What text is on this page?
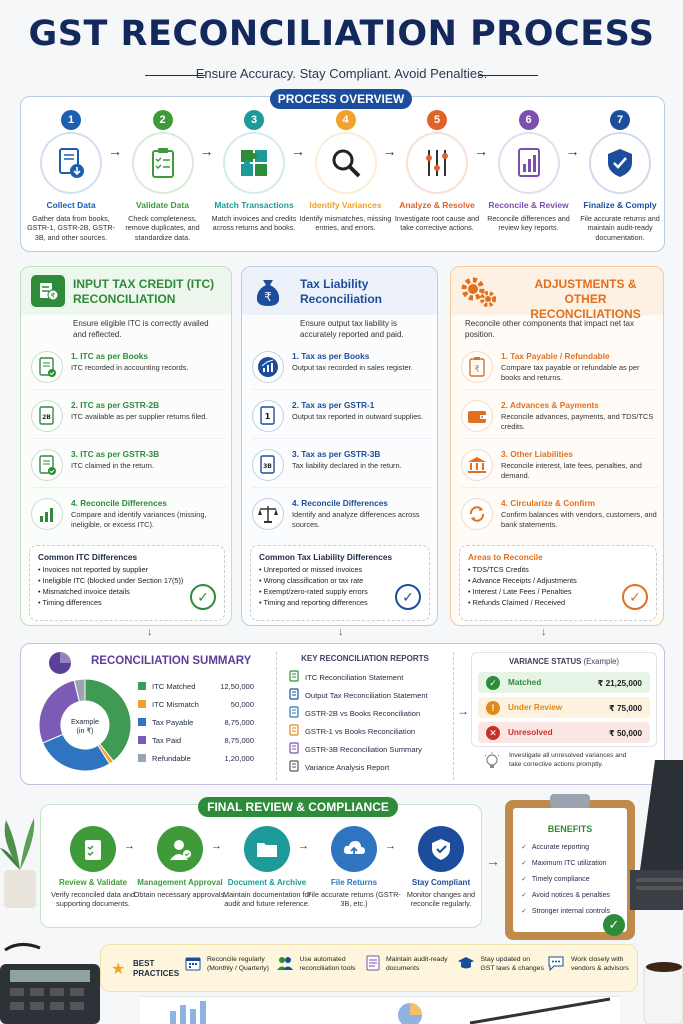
GST RECONCILIATION PROCESS
Ensure Accuracy. Stay Compliant. Avoid Penalties.
PROCESS OVERVIEW
1
Collect Data
Gather data from books, GSTR-1, GSTR-2B, GSTR-3B, and other sources.
→
2
Validate Data
Check completeness, remove duplicates, and standardize data.
→
3
Match Transactions
Match invoices and credits across returns and books.
→
4
Identify Variances
Identify mismatches, missing entries, and errors.
→
5
Analyze & Resolve
Investigate root cause and take corrective actions.
→
6
Reconcile & Review
Reconcile differences and review key reports.
→
7
Finalize & Comply
File accurate returns and maintain audit-ready documentation.
₹
INPUT TAX CREDIT (ITC) RECONCILIATION
Ensure eligible ITC is correctly availed and reflected.
1. ITC as per Books
ITC recorded in accounting records.
2B
2. ITC as per GSTR-2B
ITC available as per supplier returns filed.
3. ITC as per GSTR-3B
ITC claimed in the return.
4. Reconcile Differences
Compare and identify variances (missing, ineligible, or excess ITC).
Common ITC Differences
• Invoices not reported by supplier
• Ineligible ITC (blocked under Section 17(5))
• Mismatched invoice details
• Timing differences	✓
₹
Tax Liability Reconciliation
Ensure output tax liability is accurately reported and paid.
1. Tax as per Books
Output tax recorded in sales register.
1
2. Tax as per GSTR-1
Output tax reported in outward supplies.
3B
3. Tax as per GSTR-3B
Tax liability declared in the return.
4. Reconcile Differences
Identify and analyze differences across sources.
Common Tax Liability Differences
• Unreported or missed invoices
• Wrong classification or tax rate
• Exempt/zero-rated supply errors
• Timing and reporting differences	✓
ADJUSTMENTS & OTHER RECONCILIATIONS
Reconcile other components that impact net tax position.
₹
1. Tax Payable / Refundable
Compare tax payable or refundable as per books and returns.
2. Advances & Payments
Reconcile advances, payments, and TDS/TCS credits.
3. Other Liabilities
Reconcile interest, late fees, penalties, and demand.
4. Circularize & Confirm
Confirm balances with vendors, customers, and bank statements.
Areas to Reconcile
• TDS/TCS Credits
• Advance Receipts / Adjustments
• Interest / Late Fees / Penalties
• Refunds Claimed / Received	✓
↓	↓	↓
RECONCILIATION SUMMARY
Example
(in ₹)
ITC Matched	12,50,000
ITC Mismatch	50,000
Tax Payable	8,75,000
Tax Paid	8,75,000
Refundable	1,20,000
KEY RECONCILIATION REPORTS
ITC Reconciliation Statement
Output Tax Reconciliation Statement
GSTR-2B vs Books Reconciliation
GSTR-1 vs Books Reconciliation
GSTR-3B Reconciliation Summary
Variance Analysis Report
→
VARIANCE STATUS (Example)
✓	Matched	₹ 21,25,000
!	Under Review	₹ 75,000
✕	Unresolved	₹ 50,000
Investigate all unresolved variances and take corrective actions promptly.
FINAL REVIEW & COMPLIANCE
Review & Validate
Verify reconciled data and supporting documents.
→
Management Approval
Obtain necessary approvals.
→
Document & Archive
Maintain documentation for audit and future reference.
→
File Returns
File accurate returns (GSTR-3B, etc.)
→
Stay Compliant
Monitor changes and reconcile regularly.
→
BENEFITS
✓ Accurate reporting
✓ Maximum ITC utilization
✓ Timely compliance
✓ Avoid notices & penalties
✓ Stronger internal controls
✓
★ BEST
PRACTICES
Reconcile regularly (Monthly / Quarterly)
Use automated reconciliation tools
Maintain audit-ready documents
Stay updated on GST laws & changes
Work closely with vendors & advisors
